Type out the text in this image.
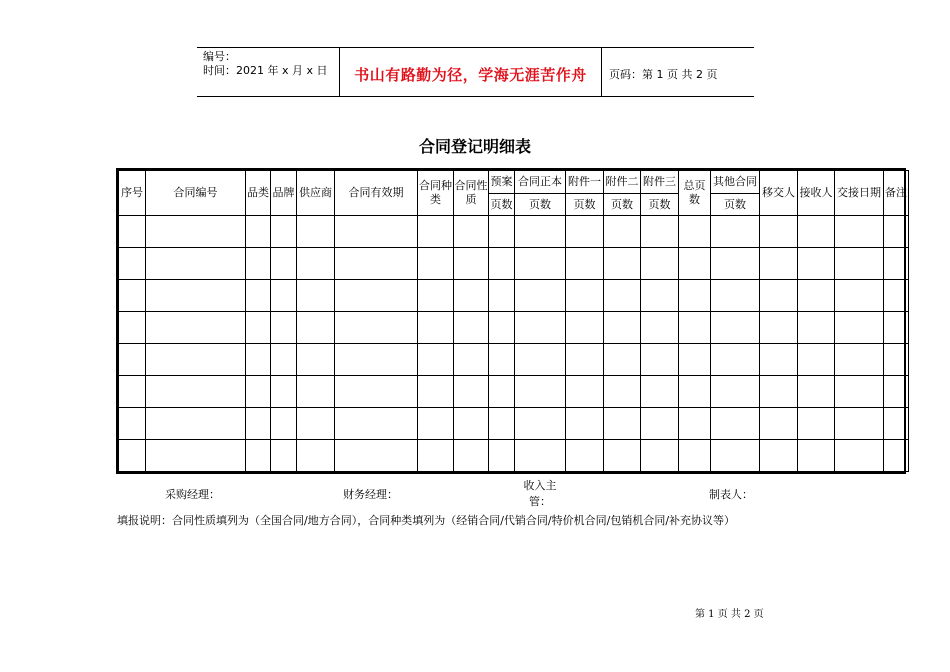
编号：
时间：2021 年 x 月 x 日	书山有路勤为径，学海无涯苦作舟	页码：第 1 页 共 2 页
合同登记明细表
序号	合同编号	品类	品牌	供应商	合同有效期	合同种类	合同性质	预案	合同正本	附件一	附件二	附件三	总页数	其他合同	移交人	接收人	交接日期	备注
								页数	页数	页数	页数	页数		页数				

采购经理：	财务经理：
收入主管：
制表人：
填报说明：合同性质填列为（全国合同/地方合同），合同种类填列为（经销合同/代销合同/特价机合同/包销机合同/补充协议等）
第 1 页 共 2 页
